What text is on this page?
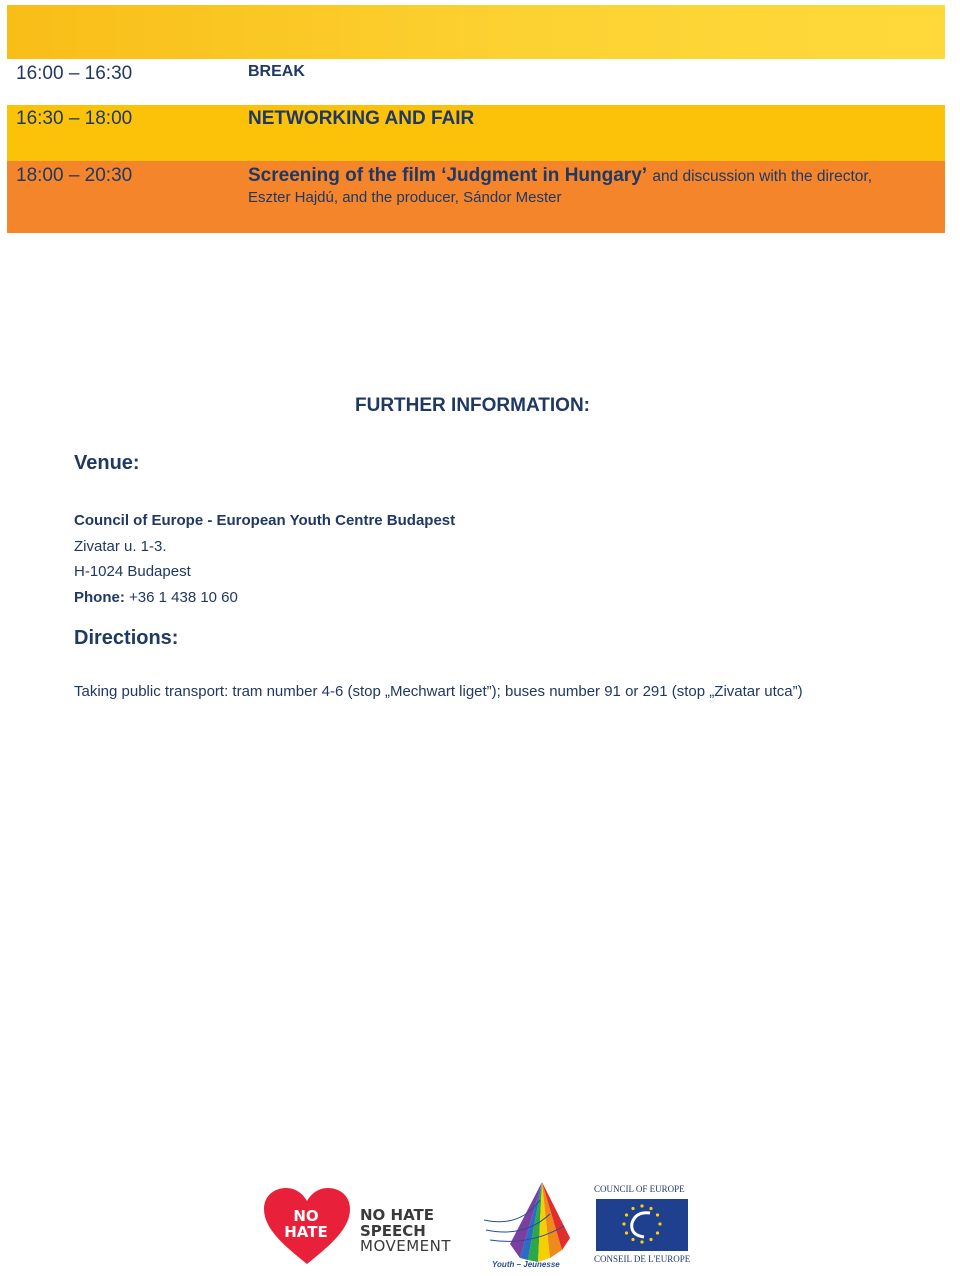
16:00 – 16:30	BREAK
16:30 – 18:00	NETWORKING AND FAIR
18:00 – 20:30	Screening of the film ‘Judgment in Hungary’ and discussion with the director,
Eszter Hajdú, and the producer, Sándor Mester
FURTHER INFORMATION:
Venue:
Council of Europe - European Youth Centre Budapest
Zivatar u. 1-3.
H-1024 Budapest
Phone: +36 1 438 10 60
Directions:
Taking public transport: tram number 4-6 (stop „Mechwart liget”); buses number 91 or 291 (stop „Zivatar utca”)
NO
HATE
NO HATE
SPEECH
MOVEMENT
Youth – Jeunesse
COUNCIL OF EUROPE
CONSEIL DE L'EUROPE
